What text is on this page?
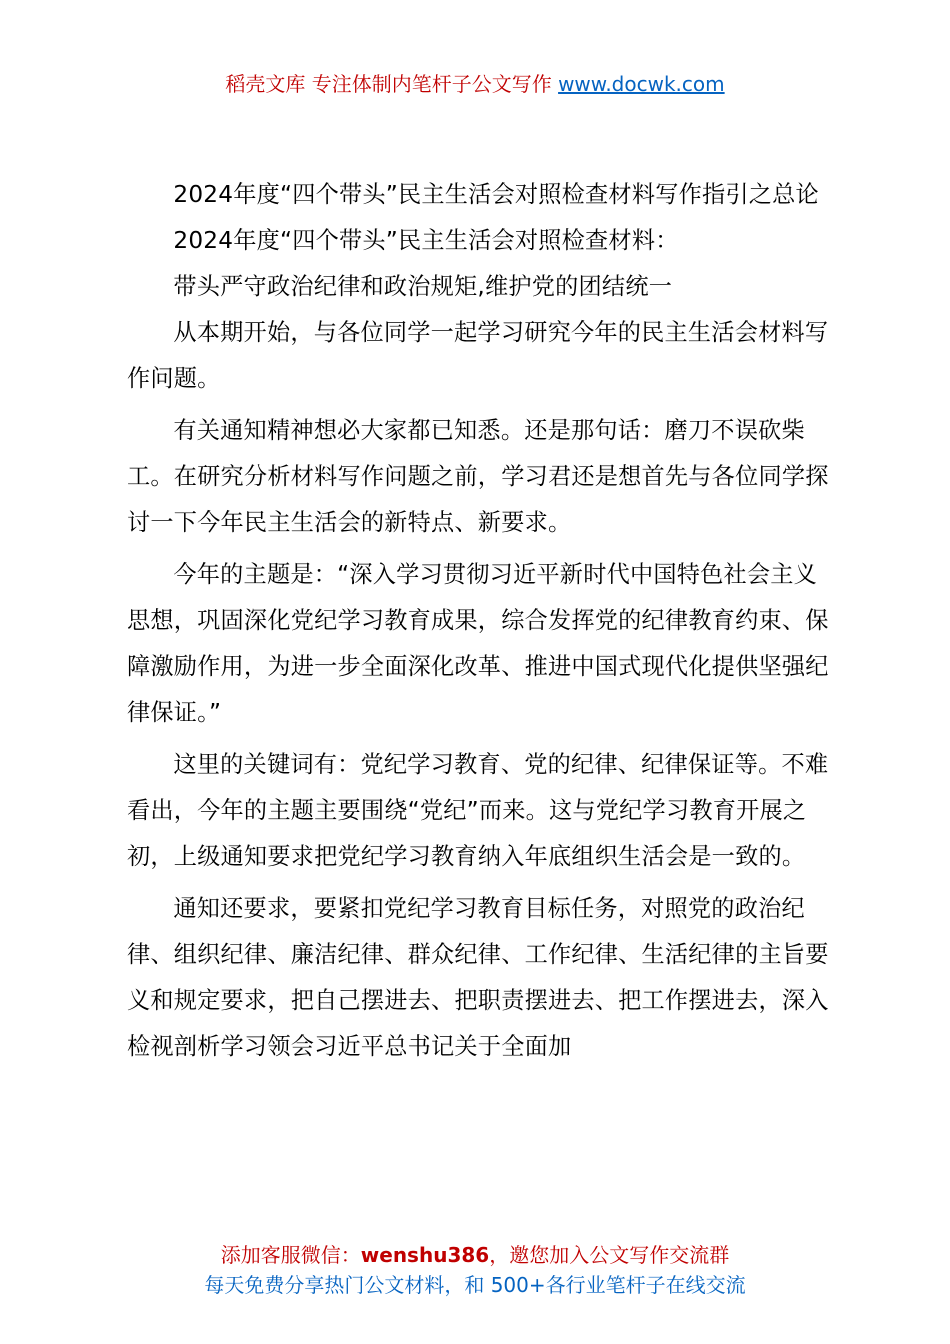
稻壳文库 专注体制内笔杆子公文写作 www.docwk.com

2024年度“四个带头”民主生活会对照检查材料写作指引之总论

2024年度“四个带头”民主生活会对照检查材料：

带头严守政治纪律和政治规矩,维护党的团结统一

从本期开始，与各位同学一起学习研究今年的民主生活会材料写作问题。

有关通知精神想必大家都已知悉。还是那句话：磨刀不误砍柴工。在研究分析材料写作问题之前，学习君还是想首先与各位同学探讨一下今年民主生活会的新特点、新要求。

今年的主题是：“深入学习贯彻习近平新时代中国特色社会主义思想，巩固深化党纪学习教育成果，综合发挥党的纪律教育约束、保障激励作用，为进一步全面深化改革、推进中国式现代化提供坚强纪律保证。”

这里的关键词有：党纪学习教育、党的纪律、纪律保证等。不难看出，今年的主题主要围绕“党纪”而来。这与党纪学习教育开展之初，上级通知要求把党纪学习教育纳入年底组织生活会是一致的。

通知还要求，要紧扣党纪学习教育目标任务，对照党的政治纪律、组织纪律、廉洁纪律、群众纪律、工作纪律、生活纪律的主旨要义和规定要求，把自己摆进去、把职责摆进去、把工作摆进去，深入检视剖析学习领会习近平总书记关于全面加

添加客服微信：wenshu386，邀您加入公文写作交流群
每天免费分享热门公文材料，和 500+各行业笔杆子在线交流
